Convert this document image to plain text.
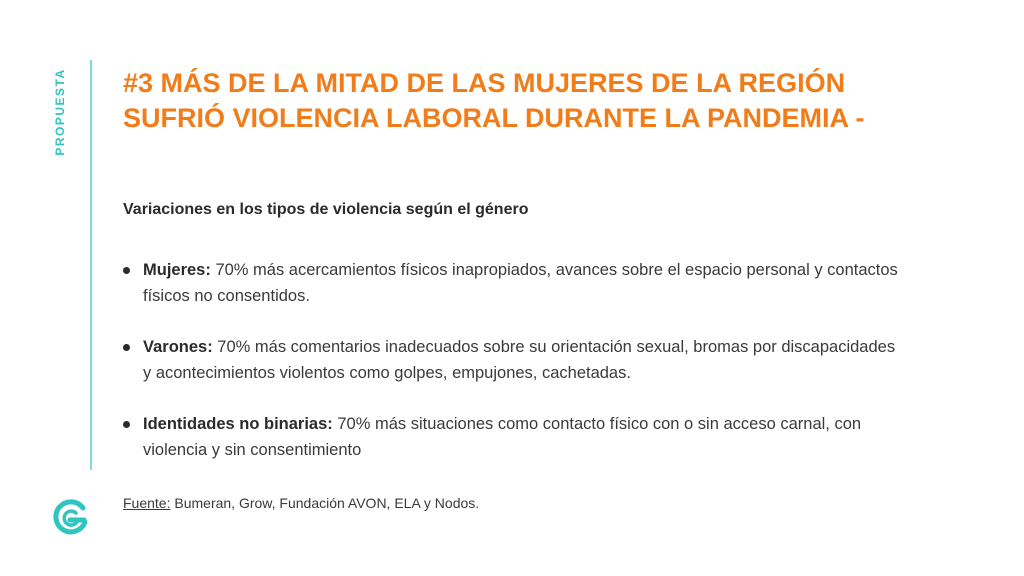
PROPUESTA #3 MÁS DE LA MITAD DE LAS MUJERES DE LA REGIÓN SUFRIÓ VIOLENCIA LABORAL DURANTE LA PANDEMIA -
Variaciones en los tipos de violencia según el género
Mujeres: 70% más acercamientos físicos inapropiados, avances sobre el espacio personal y contactos físicos no consentidos.
Varones: 70% más comentarios inadecuados sobre su orientación sexual, bromas por discapacidades y acontecimientos violentos como golpes, empujones, cachetadas.
Identidades no binarias: 70% más situaciones como contacto físico con o sin acceso carnal, con violencia y sin consentimiento
Fuente: Bumeran, Grow, Fundación AVON, ELA y Nodos.
